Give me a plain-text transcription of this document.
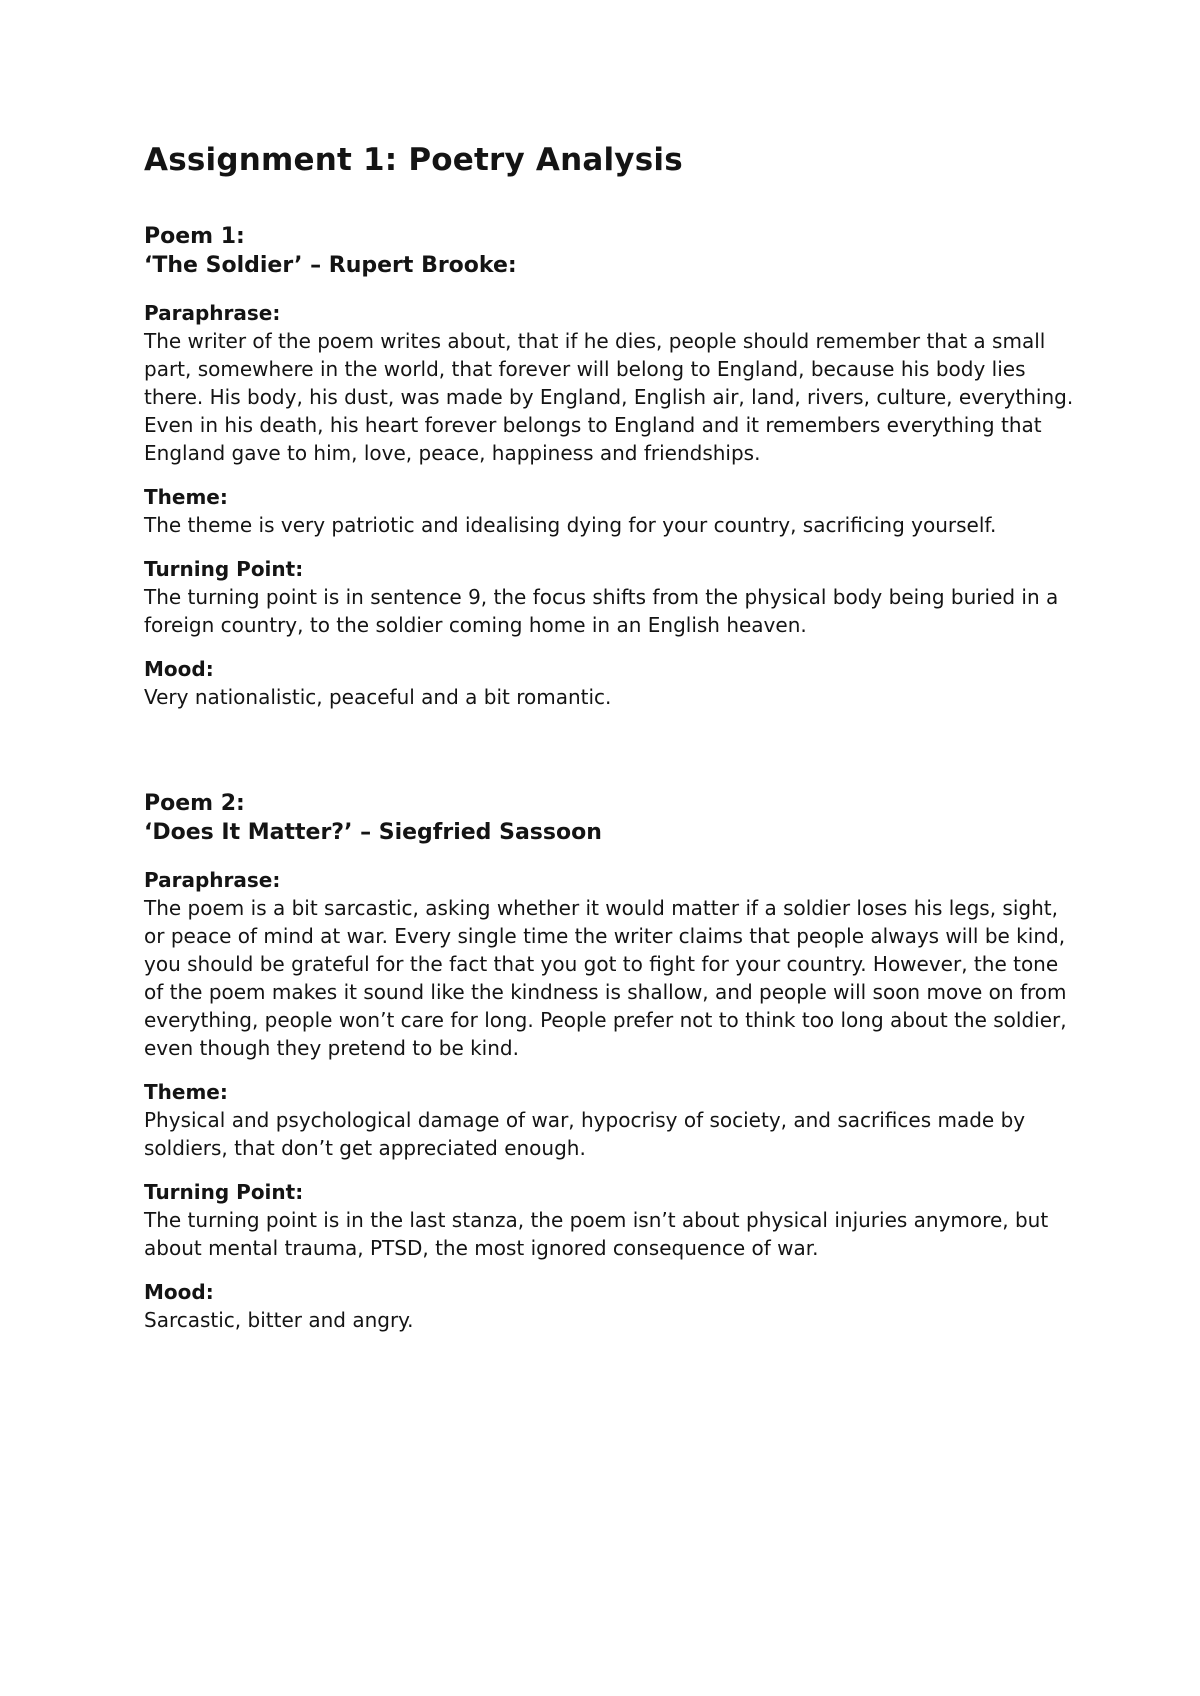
Assignment 1: Poetry Analysis
Poem 1:
‘The Soldier’ – Rupert Brooke:
Paraphrase:

The writer of the poem writes about, that if he dies, people should remember that a small part, somewhere in the world, that forever will belong to England, because his body lies there. His body, his dust, was made by England, English air, land, rivers, culture, everything. Even in his death, his heart forever belongs to England and it remembers everything that England gave to him, love, peace, happiness and friendships.

Theme:

The theme is very patriotic and idealising dying for your country, sacrificing yourself.

Turning Point:

The turning point is in sentence 9, the focus shifts from the physical body being buried in a foreign country, to the soldier coming home in an English heaven.

Mood:

Very nationalistic, peaceful and a bit romantic.

Poem 2:
‘Does It Matter?’ – Siegfried Sassoon
Paraphrase:

The poem is a bit sarcastic, asking whether it would matter if a soldier loses his legs, sight, or peace of mind at war. Every single time the writer claims that people always will be kind, you should be grateful for the fact that you got to fight for your country. However, the tone of the poem makes it sound like the kindness is shallow, and people will soon move on from everything, people won’t care for long. People prefer not to think too long about the soldier, even though they pretend to be kind.

Theme:

Physical and psychological damage of war, hypocrisy of society, and sacrifices made by soldiers, that don’t get appreciated enough.

Turning Point:

The turning point is in the last stanza, the poem isn’t about physical injuries anymore, but about mental trauma, PTSD, the most ignored consequence of war.

Mood:

Sarcastic, bitter and angry.
